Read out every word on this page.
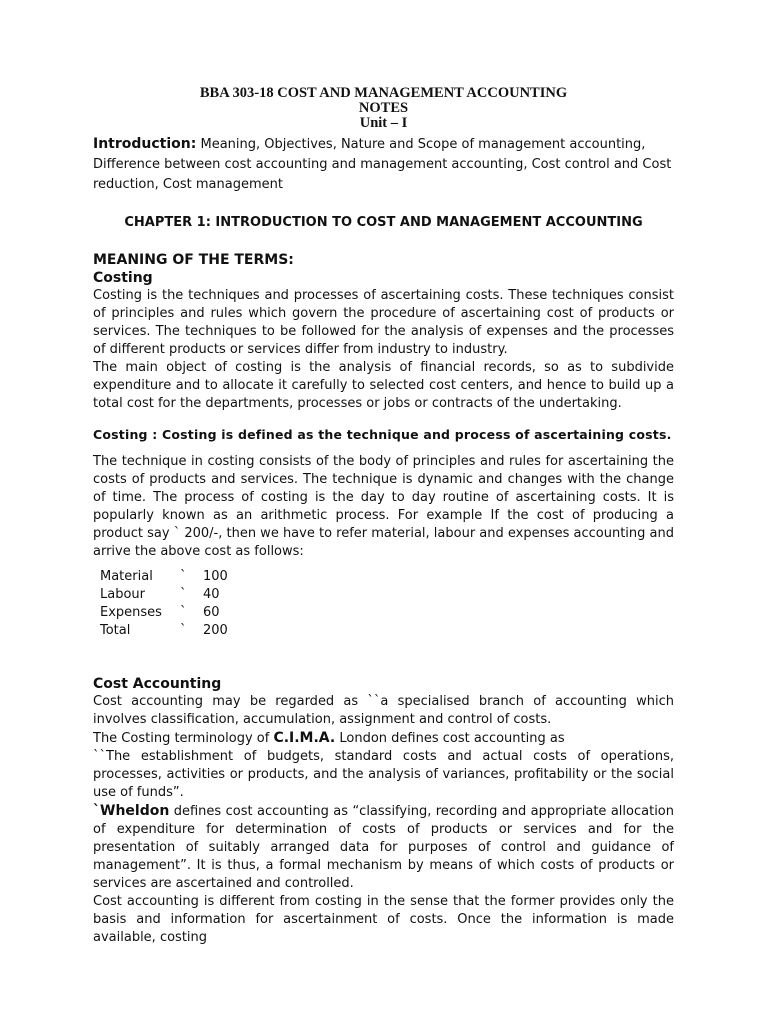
BBA 303-18 COST AND MANAGEMENT ACCOUNTING

NOTES

Unit – I

Introduction: Meaning, Objectives, Nature and Scope of management accounting, Difference between cost accounting and management accounting, Cost control and Cost reduction, Cost management

CHAPTER 1: INTRODUCTION TO COST AND MANAGEMENT ACCOUNTING

MEANING OF THE TERMS:

Costing

Costing is the techniques and processes of ascertaining costs. These techniques consist of principles and rules which govern the procedure of ascertaining cost of products or services. The techniques to be followed for the analysis of expenses and the processes of different products or services differ from industry to industry.

The main object of costing is the analysis of financial records, so as to subdivide expenditure and to allocate it carefully to selected cost centers, and hence to build up a total cost for the departments, processes or jobs or contracts of the undertaking.

Costing : Costing is defined as the technique and process of ascertaining costs.

The technique in costing consists of the body of principles and rules for ascertaining the costs of products and services. The technique is dynamic and changes with the change of time. The process of costing is the day to day routine of ascertaining costs. It is popularly known as an arithmetic process. For example If the cost of producing a product say ` 200/-, then we have to refer material, labour and expenses accounting and arrive the above cost as follows:

Material	`	100
Labour	`	40
Expenses	`	60
Total	`	200

Cost Accounting

Cost accounting may be regarded as ``a specialised branch of accounting which involves classification, accumulation, assignment and control of costs.

The Costing terminology of C.I.M.A. London defines cost accounting as

``The establishment of budgets, standard costs and actual costs of operations, processes, activities or products, and the analysis of variances, profitability or the social use of funds”.

`Wheldon defines cost accounting as “classifying, recording and appropriate allocation of expenditure for determination of costs of products or services and for the presentation of suitably arranged data for purposes of control and guidance of management”. It is thus, a formal mechanism by means of which costs of products or services are ascertained and controlled.

Cost accounting is different from costing in the sense that the former provides only the basis and information for ascertainment of costs. Once the information is made available, costing
